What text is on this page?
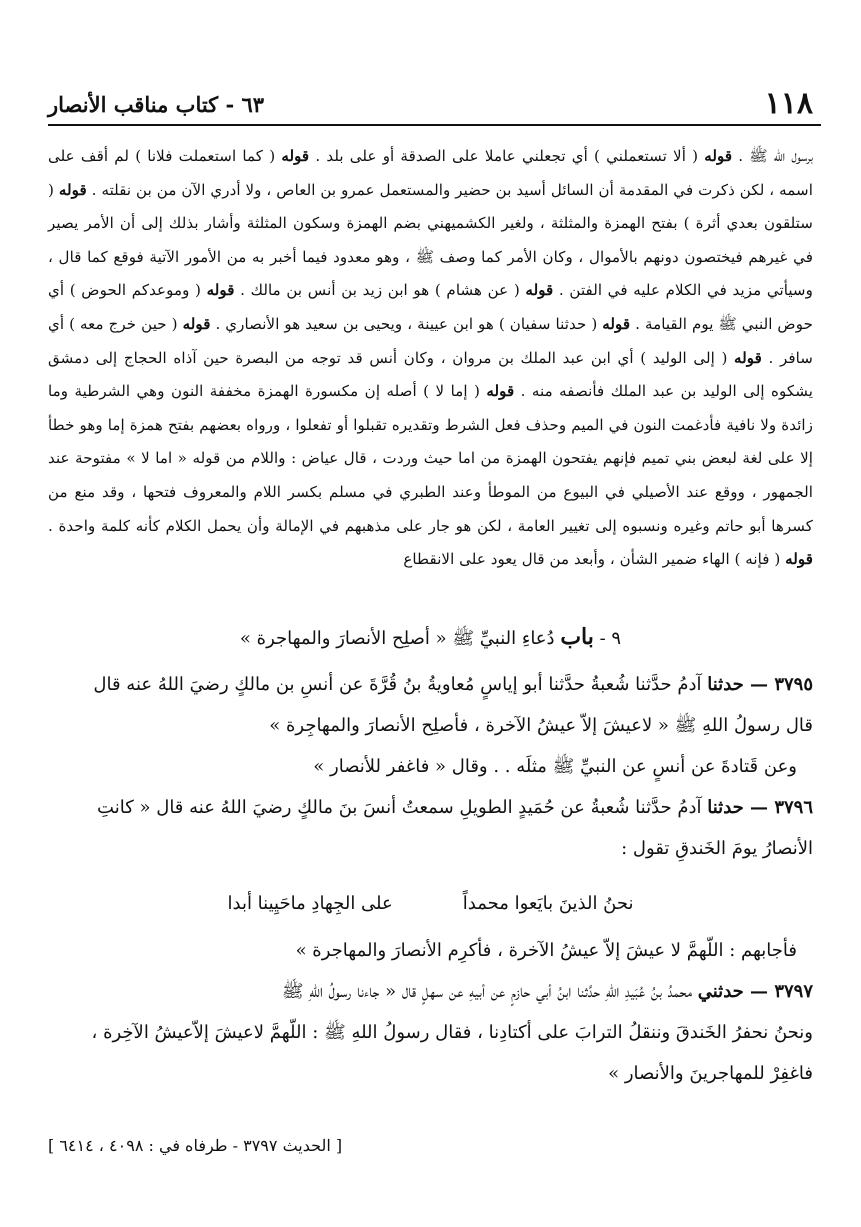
١١٨
٦٣ - كتاب مناقب الأنصار

برسول الله ﷺ . قوله ( ألا تستعملني ) أي تجعلني عاملا على الصدقة أو على بلد . قوله ( كما استعملت فلانا ) لم أقف على اسمه ، لكن ذكرت في المقدمة أن السائل أسيد بن حضير والمستعمل عمرو بن العاص ، ولا أدري الآن من بن نقلته . قوله ( ستلقون بعدي أثرة ) بفتح الهمزة والمثلثة ، ولغير الكشميهني بضم الهمزة وسكون المثلثة وأشار بذلك إلى أن الأمر يصير في غيرهم فيختصون دونهم بالأموال ، وكان الأمر كما وصف ﷺ ، وهو معدود فيما أخبر به من الأمور الآتية فوقع كما قال ، وسيأتي مزيد في الكلام عليه في الفتن . قوله ( عن هشام ) هو ابن زيد بن أنس بن مالك . قوله ( وموعدكم الحوض ) أي حوض النبي ﷺ يوم القيامة . قوله ( حدثنا سفيان ) هو ابن عيينة ، ويحيى بن سعيد هو الأنصاري . قوله ( حين خرج معه ) أي سافر . قوله ( إلى الوليد ) أي ابن عبد الملك بن مروان ، وكان أنس قد توجه من البصرة حين آذاه الحجاج إلى دمشق يشكوه إلى الوليد بن عبد الملك فأنصفه منه . قوله ( إما لا ) أصله إن مكسورة الهمزة مخففة النون وهي الشرطية وما زائدة ولا نافية فأدغمت النون في الميم وحذف فعل الشرط وتقديره تقبلوا أو تفعلوا ، ورواه بعضهم بفتح همزة إما وهو خطأ إلا على لغة لبعض بني تميم فإنهم يفتحون الهمزة من اما حيث وردت ، قال عياض : واللام من قوله « اما لا » مفتوحة عند الجمهور ، ووقع عند الأصيلي في البيوع من الموطأ وعند الطبري في مسلم بكسر اللام والمعروف فتحها ، وقد منع من كسرها أبو حاتم وغيره ونسبوه إلى تغيير العامة ، لكن هو جار على مذهبهم في الإمالة وأن يحمل الكلام كأنه كلمة واحدة . قوله ( فإنه ) الهاء ضمير الشأن ، وأبعد من قال يعود على الانقطاع

٩ - باب دُعاءِ النبيِّ ﷺ « أصلِح الأنصارَ والمهاجرة »

٣٧٩٥ — حدثنا آدمُ حدَّثنا شُعبةُ حدَّثنا أبو إياسٍ مُعاويةُ بنُ قُرَّةَ عن أنسِ بن مالكٍ رضيَ اللهُ عنه قال

قال رسولُ اللهِ ﷺ « لاعيشَ إلاّ عيشُ الآخرة ، فأصلِح الأنصارَ والمهاجِرة »

وعن قَتادةَ عن أنسٍ عن النبيِّ ﷺ مثلَه . . وقال « فاغفر للأنصار »

٣٧٩٦ — حدثنا آدمُ حدَّثنا شُعبةُ عن حُمَيدٍ الطويلِ سمعتُ أنسَ بنَ مالكٍ رضيَ اللهُ عنه قال « كانتِ

الأنصارُ يومَ الخَندقِ تقول :

نحنُ الذينَ بايَعوا محمداً
على الجِهادِ ماحَيِينا أبدا

فأجابهم : اللّهمَّ لا عيشَ إلاّ عيشُ الآخرة ، فأكرِم الأنصارَ والمهاجرة »

٣٧٩٧ — حدثني محمدُ بنُ عُبَيدِ اللهِ حدَّثنا ابنُ أبي حازمٍ عن أبيهِ عن سهلٍ قال « جاءنا رسولُ اللهِ ﷺ

ونحنُ نحفرُ الخَندقَ وننقلُ الترابَ على أكتادِنا ، فقال رسولُ اللهِ ﷺ : اللّهمَّ لاعيشَ إلاّعيشُ الآخِرة ،

فاغفِرْ للمهاجرينَ والأنصار »

[ الحديث ٣٧٩٧ - طرفاه في : ٤٠٩٨ ، ٦٤١٤ ]
